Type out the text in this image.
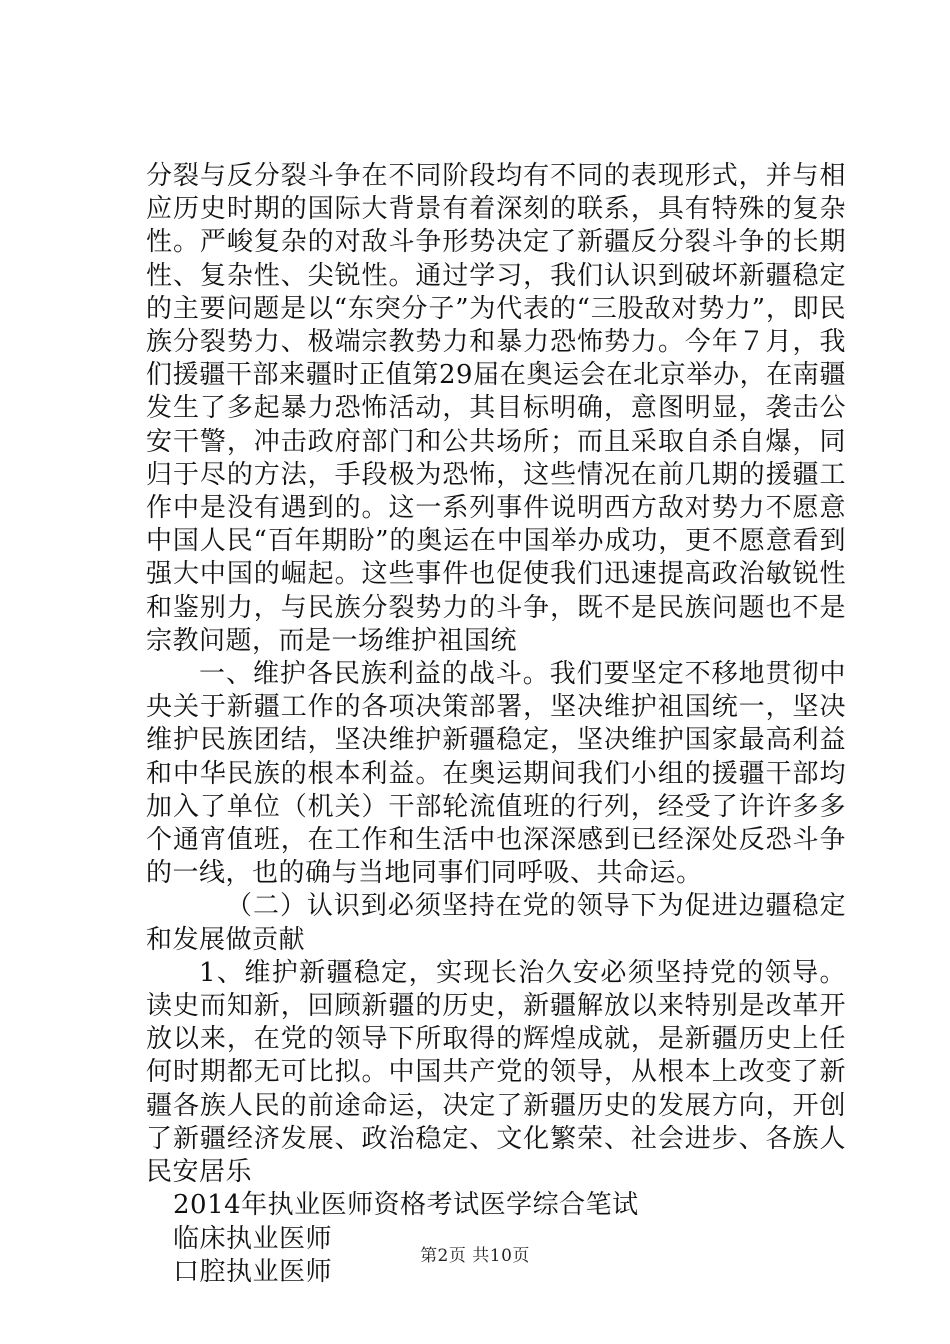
分裂与反分裂斗争在不同阶段均有不同的表现形式，并与相应历史时期的国际大背景有着深刻的联系，具有特殊的复杂性。严峻复杂的对敌斗争形势决定了新疆反分裂斗争的长期性、复杂性、尖锐性。通过学习，我们认识到破坏新疆稳定的主要问题是以“东突分子”为代表的“三股敌对势力”，即民族分裂势力、极端宗教势力和暴力恐怖势力。今年７月，我们援疆干部来疆时正值第29届在奥运会在北京举办，在南疆发生了多起暴力恐怖活动，其目标明确，意图明显，袭击公安干警，冲击政府部门和公共场所；而且采取自杀自爆，同归于尽的方法，手段极为恐怖，这些情况在前几期的援疆工作中是没有遇到的。这一系列事件说明西方敌对势力不愿意中国人民“百年期盼”的奥运在中国举办成功，更不愿意看到强大中国的崛起。这些事件也促使我们迅速提高政治敏锐性和鉴别力，与民族分裂势力的斗争，既不是民族问题也不是宗教问题，而是一场维护祖国统

一、维护各民族利益的战斗。我们要坚定不移地贯彻中央关于新疆工作的各项决策部署，坚决维护祖国统一，坚决维护民族团结，坚决维护新疆稳定，坚决维护国家最高利益和中华民族的根本利益。在奥运期间我们小组的援疆干部均加入了单位（机关）干部轮流值班的行列，经受了许许多多个通宵值班，在工作和生活中也深深感到已经深处反恐斗争的一线，也的确与当地同事们同呼吸、共命运。

（二）认识到必须坚持在党的领导下为促进边疆稳定和发展做贡献

1、维护新疆稳定，实现长治久安必须坚持党的领导。读史而知新，回顾新疆的历史，新疆解放以来特别是改革开放以来，在党的领导下所取得的辉煌成就，是新疆历史上任何时期都无可比拟。中国共产党的领导，从根本上改变了新疆各族人民的前途命运，决定了新疆历史的发展方向，开创了新疆经济发展、政治稳定、文化繁荣、社会进步、各族人民安居乐

2014年执业医师资格考试医学综合笔试

临床执业医师

口腔执业医师

第2页 共10页
